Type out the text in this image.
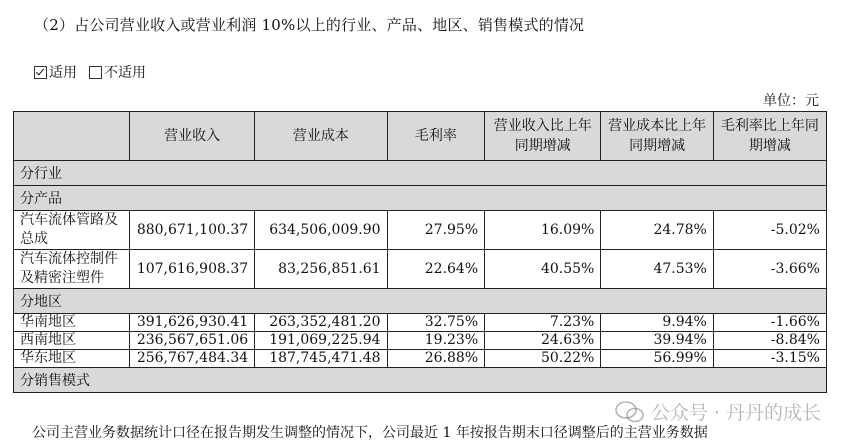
（2）占公司营业收入或营业利润 10%以上的行业、产品、地区、销售模式的情况
适用 不适用
单位：元
	营业收入	营业成本	毛利率	营业收入比上年同期增减	营业成本比上年同期增减	毛利率比上年同期增减
分行业						
分产品						
汽车流体管路及总成	880,671,100.37	634,506,009.90	27.95%	16.09%	24.78%	-5.02%
汽车流体控制件及精密注塑件	107,616,908.37	83,256,851.61	22.64%	40.55%	47.53%	-3.66%
分地区						
华南地区	391,626,930.41	263,352,481.20	32.75%	7.23%	9.94%	-1.66%
西南地区	236,567,651.06	191,069,225.94	19.23%	24.63%	39.94%	-8.84%
华东地区	256,767,484.34	187,745,471.48	26.88%	50.22%	56.99%	-3.15%
分销售模式						
公司主营业务数据统计口径在报告期发生调整的情况下，公司最近 1 年按报告期末口径调整后的主营业务数据
公众号 · 丹丹的成长
